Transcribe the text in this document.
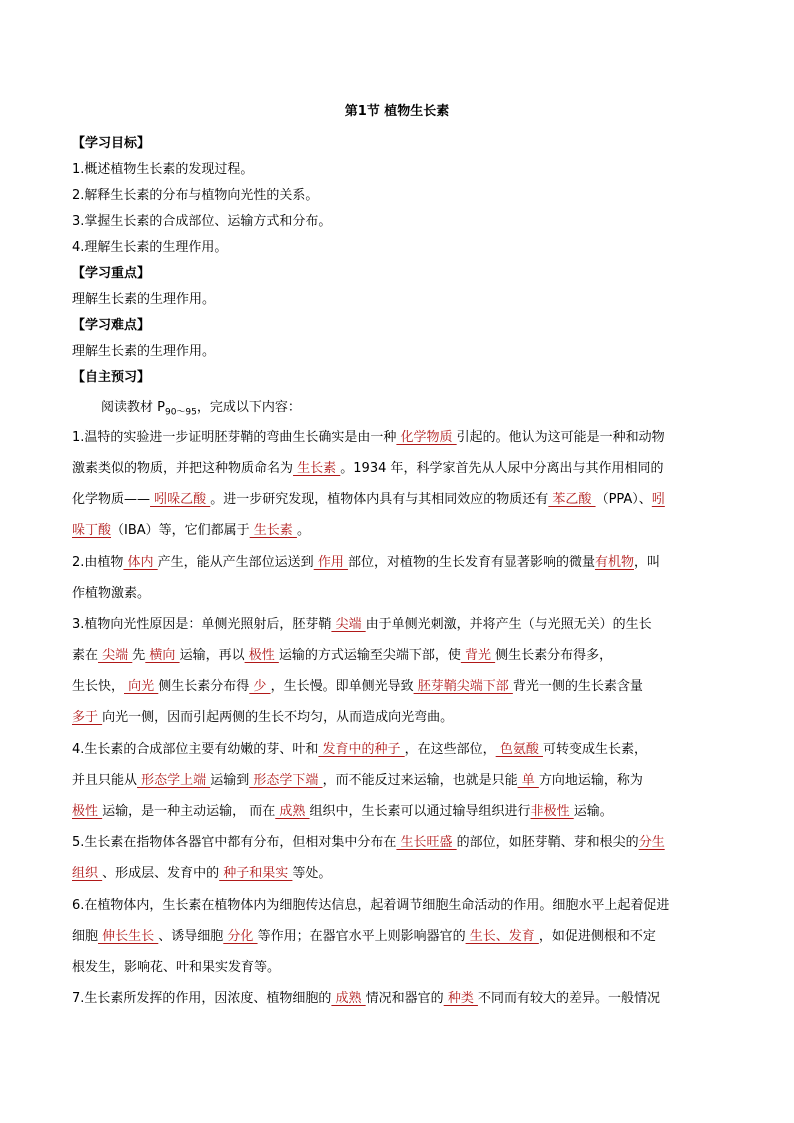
第1节 植物生长素
【学习目标】
1.概述植物生长素的发现过程。
2.解释生长素的分布与植物向光性的关系。
3.掌握生长素的合成部位、运输方式和分布。
4.理解生长素的生理作用。
【学习重点】
理解生长素的生理作用。
【学习难点】
理解生长素的生理作用。
【自主预习】
阅读教材 $P_{90\sim 95}$，完成以下内容：
1.温特的实验进一步证明胚芽鞘的弯曲生长确实是由一种 化学物质 引起的。他认为这可能是一种和动物
激素类似的物质，并把这种物质命名为 生长素 。1934 年，科学家首先从人尿中分离出与其作用相同的
化学物质—— 吲哚乙酸 。进一步研究发现，植物体内具有与其相同效应的物质还有 苯乙酸 （PPA）、吲
哚丁酸（IBA）等，它们都属于 生长素 。
2.由植物 体内 产生，能从产生部位运送到 作用 部位，对植物的生长发育有显著影响的微量有机物，叫
作植物激素。
3.植物向光性原因是：单侧光照射后，胚芽鞘 尖端 由于单侧光刺激，并将产生（与光照无关）的生长
素在 尖端 先 横向 运输，再以 极性 运输的方式运输至尖端下部，使 背光 侧生长素分布得多，
生长快， 向光 侧生长素分布得 少 ，生长慢。即单侧光导致 胚芽鞘尖端下部 背光一侧的生长素含量
多于 向光一侧，因而引起两侧的生长不均匀，从而造成向光弯曲。
4.生长素的合成部位主要有幼嫩的芽、叶和 发育中的种子 ，在这些部位， 色氨酸 可转变成生长素，
并且只能从 形态学上端 运输到 形态学下端 ，而不能反过来运输，也就是只能 单 方向地运输，称为
极性 运输，是一种主动运输， 而在 成熟 组织中，生长素可以通过输导组织进行非极性 运输。
5.生长素在指物体各器官中都有分布，但相对集中分布在 生长旺盛 的部位，如胚芽鞘、芽和根尖的分生
组织 、形成层、发育中的 种子和果实 等处。
6.在植物体内，生长素在植物体内为细胞传达信息，起着调节细胞生命活动的作用。细胞水平上起着促进
细胞 伸长生长 、诱导细胞 分化 等作用；在器官水平上则影响器官的 生长、发育 ，如促进侧根和不定
根发生，影响花、叶和果实发育等。
7.生长素所发挥的作用，因浓度、植物细胞的 成熟 情况和器官的 种类 不同而有较大的差异。一般情况
